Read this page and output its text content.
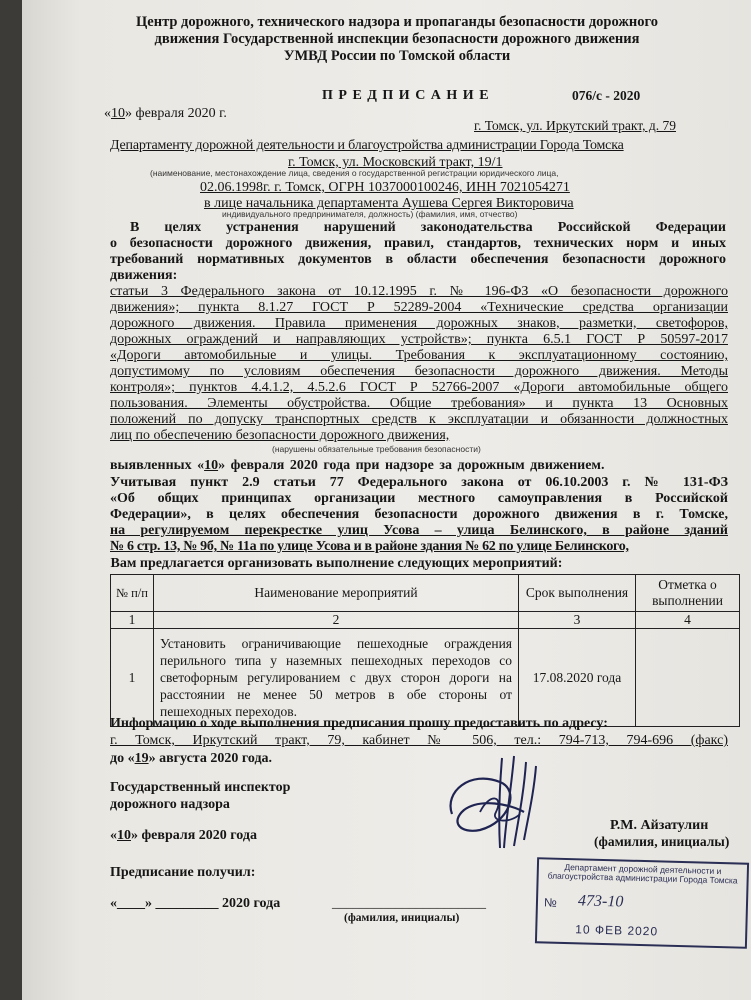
Центр дорожного, технического надзора и пропаганды безопасности дорожного
движения Государственной инспекции безопасности дорожного движения
УМВД России по Томской области
П Р Е Д П И С А Н И Е	076/с - 2020
«10» февраля 2020 г.
г. Томск, ул. Иркутский тракт, д. 79
Департаменту дорожной деятельности и благоустройства администрации Города Томска
г. Томск, ул. Московский тракт, 19/1
(наименование, местонахождение лица, сведения о государственной регистрации юридического лица,
02.06.1998г. г. Томск, ОГРН 1037000100246, ИНН 7021054271
в лице начальника департамента Аушева Сергея Викторовича
индивидуального предпринимателя, должность) (фамилия, имя, отчество)
В целях устранения нарушений законодательства Российской Федерации
о безопасности дорожного движения, правил, стандартов, технических норм и иных
требований нормативных документов в области обеспечения безопасности дорожного
движения:
статьи 3 Федерального закона от 10.12.1995 г. № 196-ФЗ «О безопасности дорожного
движения»; пункта 8.1.27 ГОСТ Р 52289-2004 «Технические средства организации
дорожного движения. Правила применения дорожных знаков, разметки, светофоров,
дорожных ограждений и направляющих устройств»; пункта 6.5.1 ГОСТ Р 50597-2017
«Дороги автомобильные и улицы. Требования к эксплуатационному состоянию,
допустимому по условиям обеспечения безопасности дорожного движения. Методы
контроля»; пунктов 4.4.1.2, 4.5.2.6 ГОСТ Р 52766-2007 «Дороги автомобильные общего
пользования. Элементы обустройства. Общие требования» и пункта 13 Основных
положений по допуску транспортных средств к эксплуатации и обязанности должностных
лиц по обеспечению безопасности дорожного движения,
(нарушены обязательные требования безопасности)
выявленных «10» февраля 2020 года при надзоре за дорожным движением.
Учитывая пункт 2.9 статьи 77 Федерального закона от 06.10.2003 г. № 131-ФЗ
«Об общих принципах организации местного самоуправления в Российской
Федерации», в целях обеспечения безопасности дорожного движения в г. Томске,
на регулируемом перекрестке улиц Усова – улица Белинского, в районе зданий
№ 6 стр. 13, № 9б, № 11а по улице Усова и в районе здания № 62 по улице Белинского,
Вам предлагается организовать выполнение следующих мероприятий:			
№ п/п	Наименование мероприятий	Срок выполнения	Отметка о выполнении
1	2	3	4
1	Установить ограничивающие пешеходные ограждения перильного типа у наземных пешеходных переходов со светофорным регулированием с двух сторон дороги на расстоянии не менее 50 метров в обе стороны от пешеходных переходов.	17.08.2020 года	
Информацию о ходе выполнения предписания прошу предоставить по адресу:
г. Томск, Иркутский тракт, 79, кабинет № 506, тел.: 794-713, 794-696 (факс)
до «19» августа 2020 года.
Государственный инспектор
дорожного надзора
Р.М. Айзатулин
(фамилия, инициалы)
«10» февраля 2020 года
Предписание получил:
«____» _________ 2020 года	______________________
(фамилия, инициалы)
Департамент дорожной деятельности и благоустройства администрации Города Томска
№ 473-10
10 ФЕВ 2020
